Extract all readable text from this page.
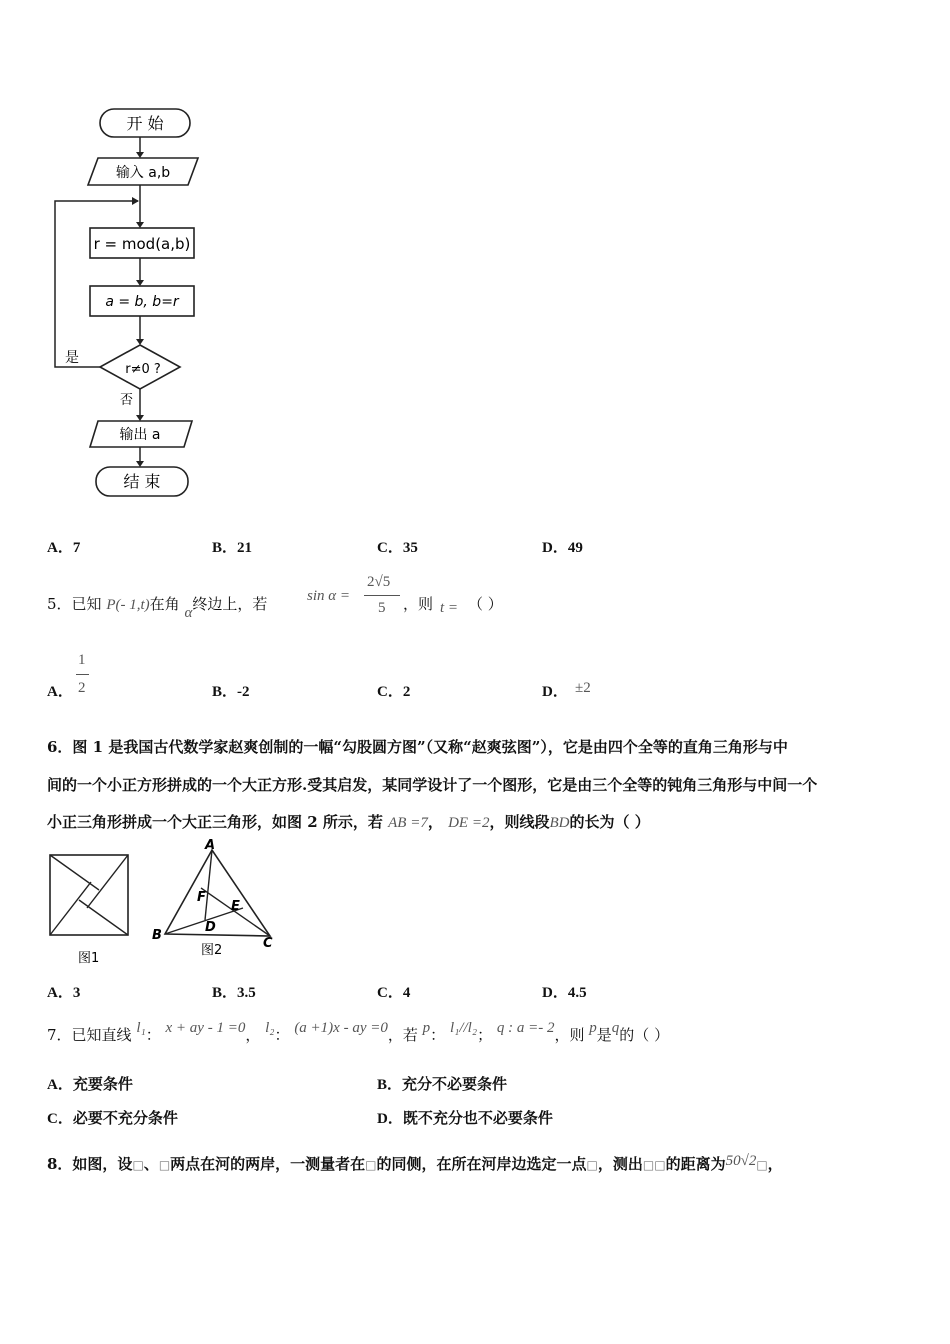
开 始
输入 a,b
r = mod(a,b)
a = b, b=r
r≠0 ?
是
否
输出 a
结 束
A．7	B．21	C．35	D．49
5．已知 P(- 1,t)在角 α终边上，若	sin α =
2√5
5 ，则 t = （ ）
A．
1
2	B．-2	C．2	D． ±2
6．图 1 是我国古代数学家赵爽创制的一幅“勾股圆方图”（又称“赵爽弦图”），它是由四个全等的直角三角形与中
间的一个小正方形拼成的一个大正方形.受其启发，某同学设计了一个图形，它是由三个全等的钝角三角形与中间一个
小正三角形拼成一个大正三角形，如图 2 所示，若 AB =7， DE =2，则线段BD的长为（ ）
图1
A
B
C
D
E
F
图2
A．3	B．3.5	C．4	D．4.5
7．已知直线 l₁： x + ay - 1 =0， l₂： (a +1)x - ay =0，若 p： l₁//l₂； q : a =- 2，则 p是q的（ ）
A．充要条件	B．充分不必要条件
C．必要不充分条件	D．既不充分也不必要条件
8．如图，设□、□两点在河的两岸，一测量者在□的同侧，在所在河岸边选定一点□，测出□□的距离为50√2□，
